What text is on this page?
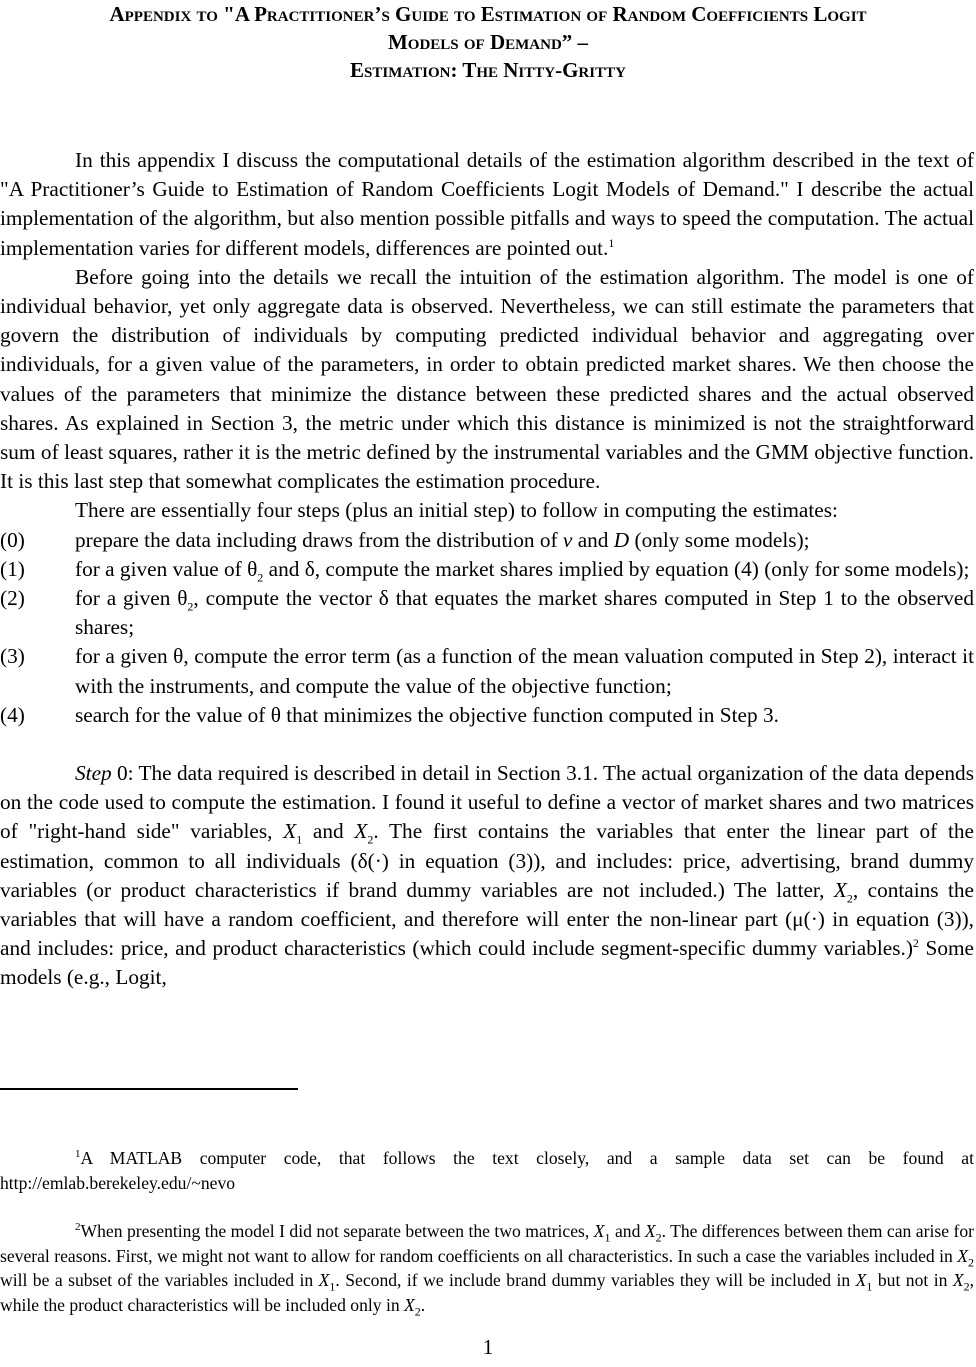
Appendix to "A Practitioner’s Guide to Estimation of Random Coefficients Logit
Models of Demand” –
Estimation: The Nitty-Gritty

In this appendix I discuss the computational details of the estimation algorithm described in the text of "A Practitioner’s Guide to Estimation of Random Coefficients Logit Models of Demand." I describe the actual implementation of the algorithm, but also mention possible pitfalls and ways to speed the computation. The actual implementation varies for different models, differences are pointed out.$^1$

Before going into the details we recall the intuition of the estimation algorithm. The model is one of individual behavior, yet only aggregate data is observed. Nevertheless, we can still estimate the parameters that govern the distribution of individuals by computing predicted individual behavior and aggregating over individuals, for a given value of the parameters, in order to obtain predicted market shares. We then choose the values of the parameters that minimize the distance between these predicted shares and the actual observed shares. As explained in Section 3, the metric under which this distance is minimized is not the straightforward sum of least squares, rather it is the metric defined by the instrumental variables and the GMM objective function. It is this last step that somewhat complicates the estimation procedure.

There are essentially four steps (plus an initial step) to follow in computing the estimates:

(0) prepare the data including draws from the distribution of v and D (only some models);
(1) for a given value of $\theta_2$ and δ, compute the market shares implied by equation (4) (only for some models);
(2) for a given $\theta_2$, compute the vector δ that equates the market shares computed in Step 1 to the observed shares;
(3) for a given θ, compute the error term (as a function of the mean valuation computed in Step 2), interact it with the instruments, and compute the value of the objective function;
(4) search for the value of θ that minimizes the objective function computed in Step 3.

Step 0: The data required is described in detail in Section 3.1. The actual organization of the data depends on the code used to compute the estimation. I found it useful to define a vector of market shares and two matrices of "right-hand side" variables, $X_1$ and $X_2$. The first contains the variables that enter the linear part of the estimation, common to all individuals (δ(·) in equation (3)), and includes: price, advertising, brand dummy variables (or product characteristics if brand dummy variables are not included.) The latter, $X_2$, contains the variables that will have a random coefficient, and therefore will enter the non-linear part (μ(·) in equation (3)), and includes: price, and product characteristics (which could include segment-specific dummy variables.)$^2$ Some models (e.g., Logit,

$^1$A MATLAB computer code, that follows the text closely, and a sample data set can be found at http://emlab.berekeley.edu/~nevo

$^2$When presenting the model I did not separate between the two matrices, $X_1$ and $X_2$. The differences between them can arise for several reasons. First, we might not want to allow for random coefficients on all characteristics. In such a case the variables included in $X_2$ will be a subset of the variables included in $X_1$. Second, if we include brand dummy variables they will be included in $X_1$ but not in $X_2$, while the product characteristics will be included only in $X_2$.

1
